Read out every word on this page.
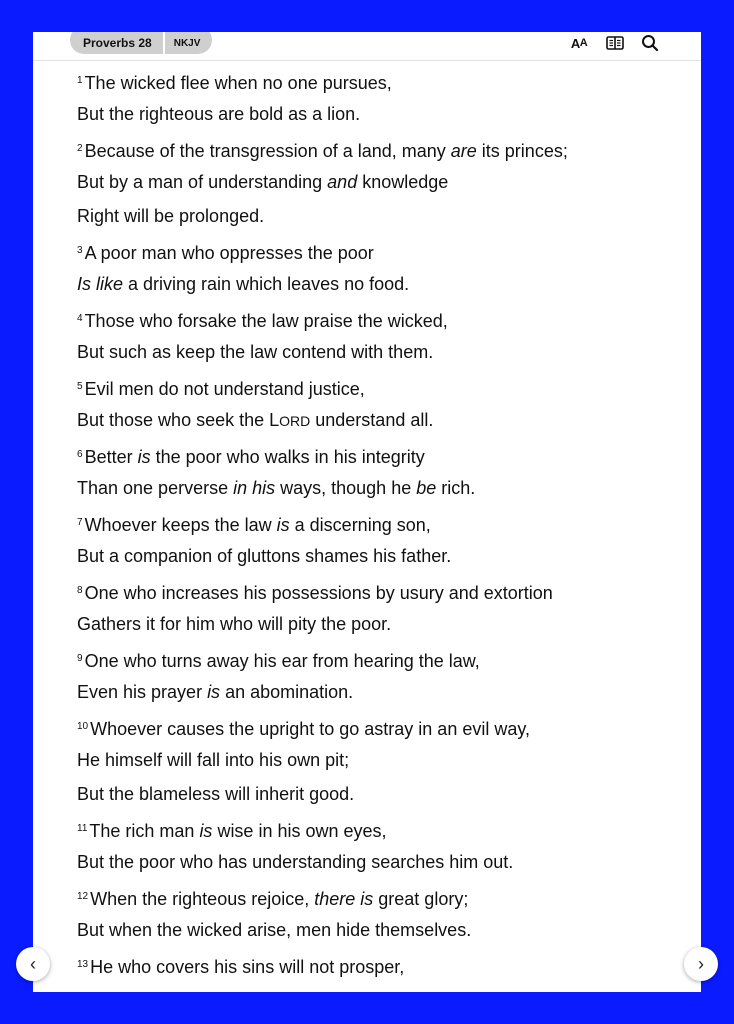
Proverbs 28	NKJV	A A
$^1$ The wicked flee when no one pursues,
But the righteous are bold as a lion.
$^2$ Because of the transgression of a land, many are its princes;
But by a man of understanding and knowledge
Right will be prolonged.
$^3$ A poor man who oppresses the poor
Is like a driving rain which leaves no food.
$^4$ Those who forsake the law praise the wicked,
But such as keep the law contend with them.
$^5$ Evil men do not understand justice,
But those who seek the LORD understand all.
$^6$ Better is the poor who walks in his integrity
Than one perverse in his ways, though he be rich.
$^7$ Whoever keeps the law is a discerning son,
But a companion of gluttons shames his father.
$^8$ One who increases his possessions by usury and extortion
Gathers it for him who will pity the poor.
$^9$ One who turns away his ear from hearing the law,
Even his prayer is an abomination.
$^{10}$ Whoever causes the upright to go astray in an evil way,
He himself will fall into his own pit;
But the blameless will inherit good.
$^{11}$ The rich man is wise in his own eyes,
But the poor who has understanding searches him out.
$^{12}$ When the righteous rejoice, there is great glory;
But when the wicked arise, men hide themselves.
$^{13}$ He who covers his sins will not prosper,
‹	›
